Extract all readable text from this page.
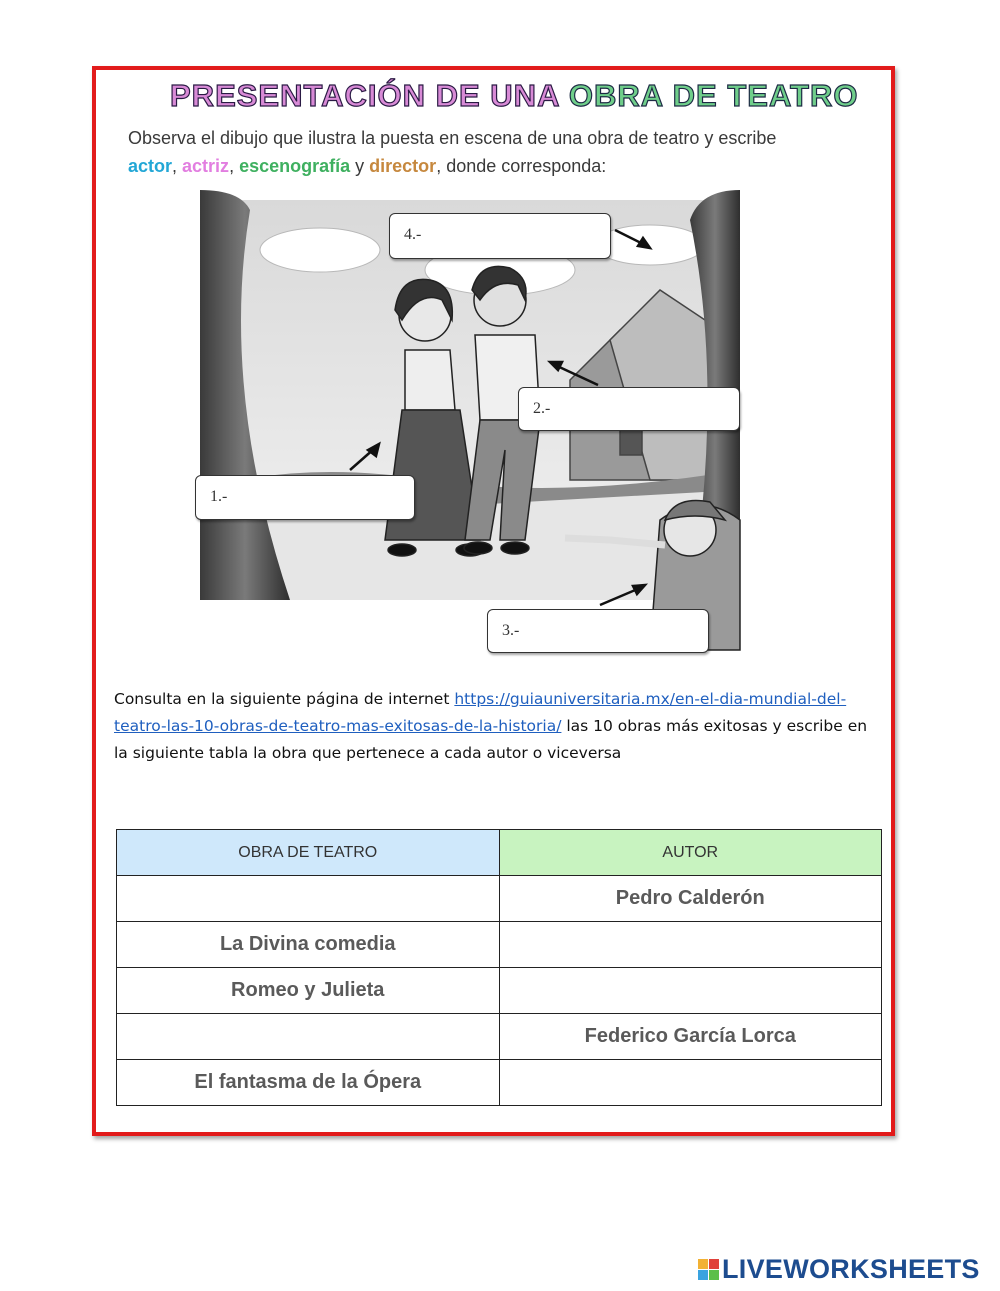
PRESENTACIÓN DE UNA OBRA DE TEATRO
Observa el dibujo que ilustra la puesta en escena de una obra de teatro y escribe
actor, actriz, escenografía y director, donde corresponda:
4.-
2.-
1.-
3.-
Consulta en la siguiente página de internet https://guiauniversitaria.mx/en-el-dia-mundial-del-teatro-las-10-obras-de-teatro-mas-exitosas-de-la-historia/ las 10 obras más exitosas y escribe en la siguiente tabla la obra que pertenece a cada autor o viceversa
OBRA DE TEATRO	AUTOR
	Pedro Calderón
La Divina comedia	
Romeo y Julieta	
	Federico García Lorca
El fantasma de la Ópera	
LIVEWORKSHEETS
